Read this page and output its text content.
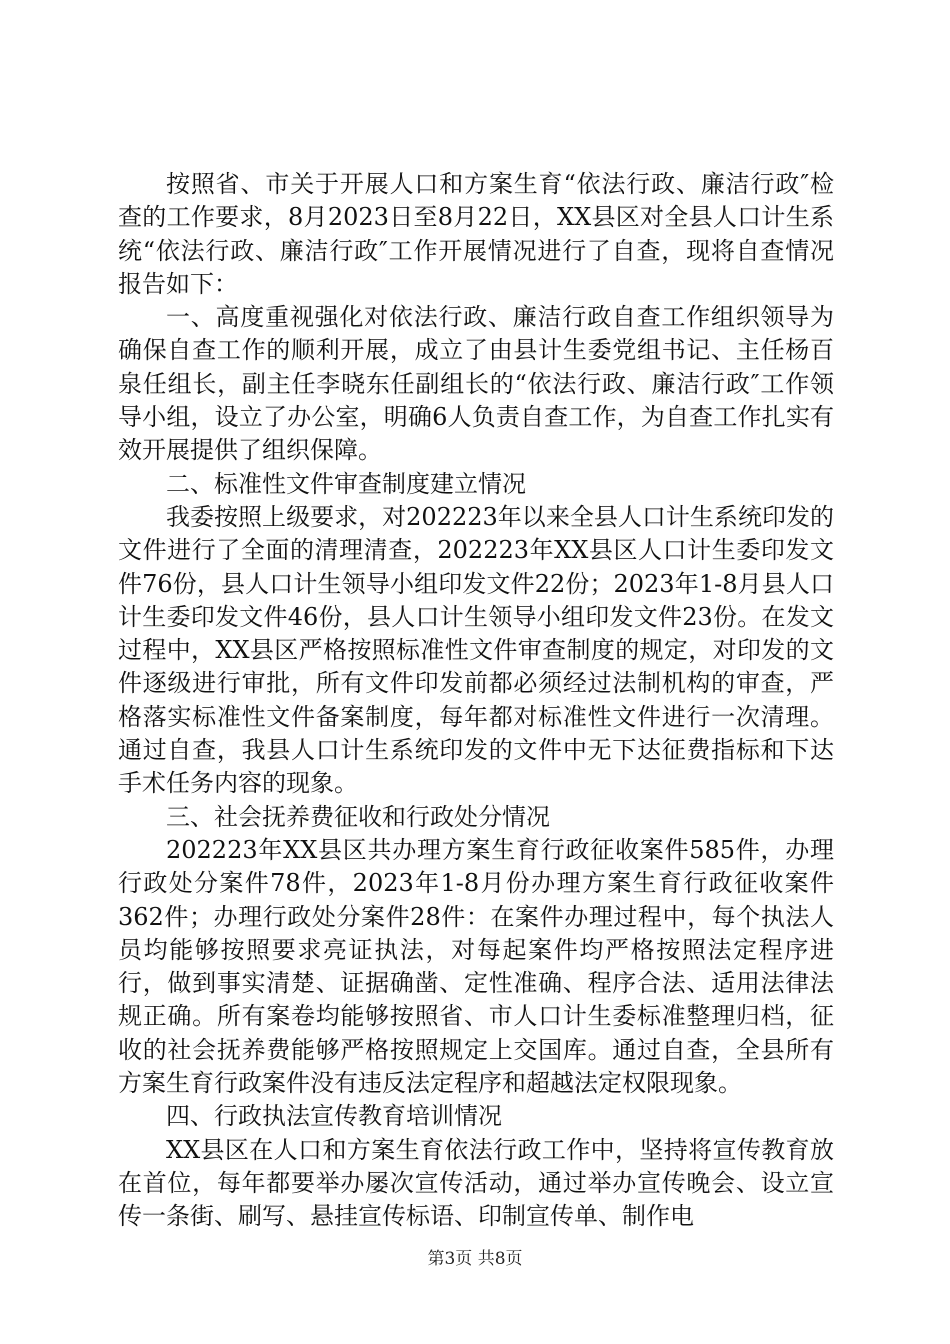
按照省、市关于开展人口和方案生育“依法行政、廉洁行政″检查的工作要求，8月2023日至8月22日，XX县区对全县人口计生系统“依法行政、廉洁行政″工作开展情况进行了自查，现将自查情况报告如下：

一、高度重视强化对依法行政、廉洁行政自查工作组织领导为确保自查工作的顺利开展，成立了由县计生委党组书记、主任杨百泉任组长，副主任李晓东任副组长的“依法行政、廉洁行政″工作领导小组，设立了办公室，明确6人负责自查工作，为自查工作扎实有效开展提供了组织保障。

二、标准性文件审查制度建立情况

我委按照上级要求，对202223年以来全县人口计生系统印发的文件进行了全面的清理清查，202223年XX县区人口计生委印发文件76份，县人口计生领导小组印发文件22份；2023年1-8月县人口计生委印发文件46份，县人口计生领导小组印发文件23份。在发文过程中，XX县区严格按照标准性文件审查制度的规定，对印发的文件逐级进行审批，所有文件印发前都必须经过法制机构的审查，严格落实标准性文件备案制度，每年都对标准性文件进行一次清理。通过自查，我县人口计生系统印发的文件中无下达征费指标和下达手术任务内容的现象。

三、社会抚养费征收和行政处分情况

202223年XX县区共办理方案生育行政征收案件585件，办理行政处分案件78件，2023年1-8月份办理方案生育行政征收案件362件；办理行政处分案件28件：在案件办理过程中，每个执法人员均能够按照要求亮证执法，对每起案件均严格按照法定程序进行，做到事实清楚、证据确凿、定性准确、程序合法、适用法律法规正确。所有案卷均能够按照省、市人口计生委标准整理归档，征收的社会抚养费能够严格按照规定上交国库。通过自查，全县所有方案生育行政案件没有违反法定程序和超越法定权限现象。

四、行政执法宣传教育培训情况

XX县区在人口和方案生育依法行政工作中，坚持将宣传教育放在首位，每年都要举办屡次宣传活动，通过举办宣传晚会、设立宣传一条街、刷写、悬挂宣传标语、印制宣传单、制作电

第3页 共8页
